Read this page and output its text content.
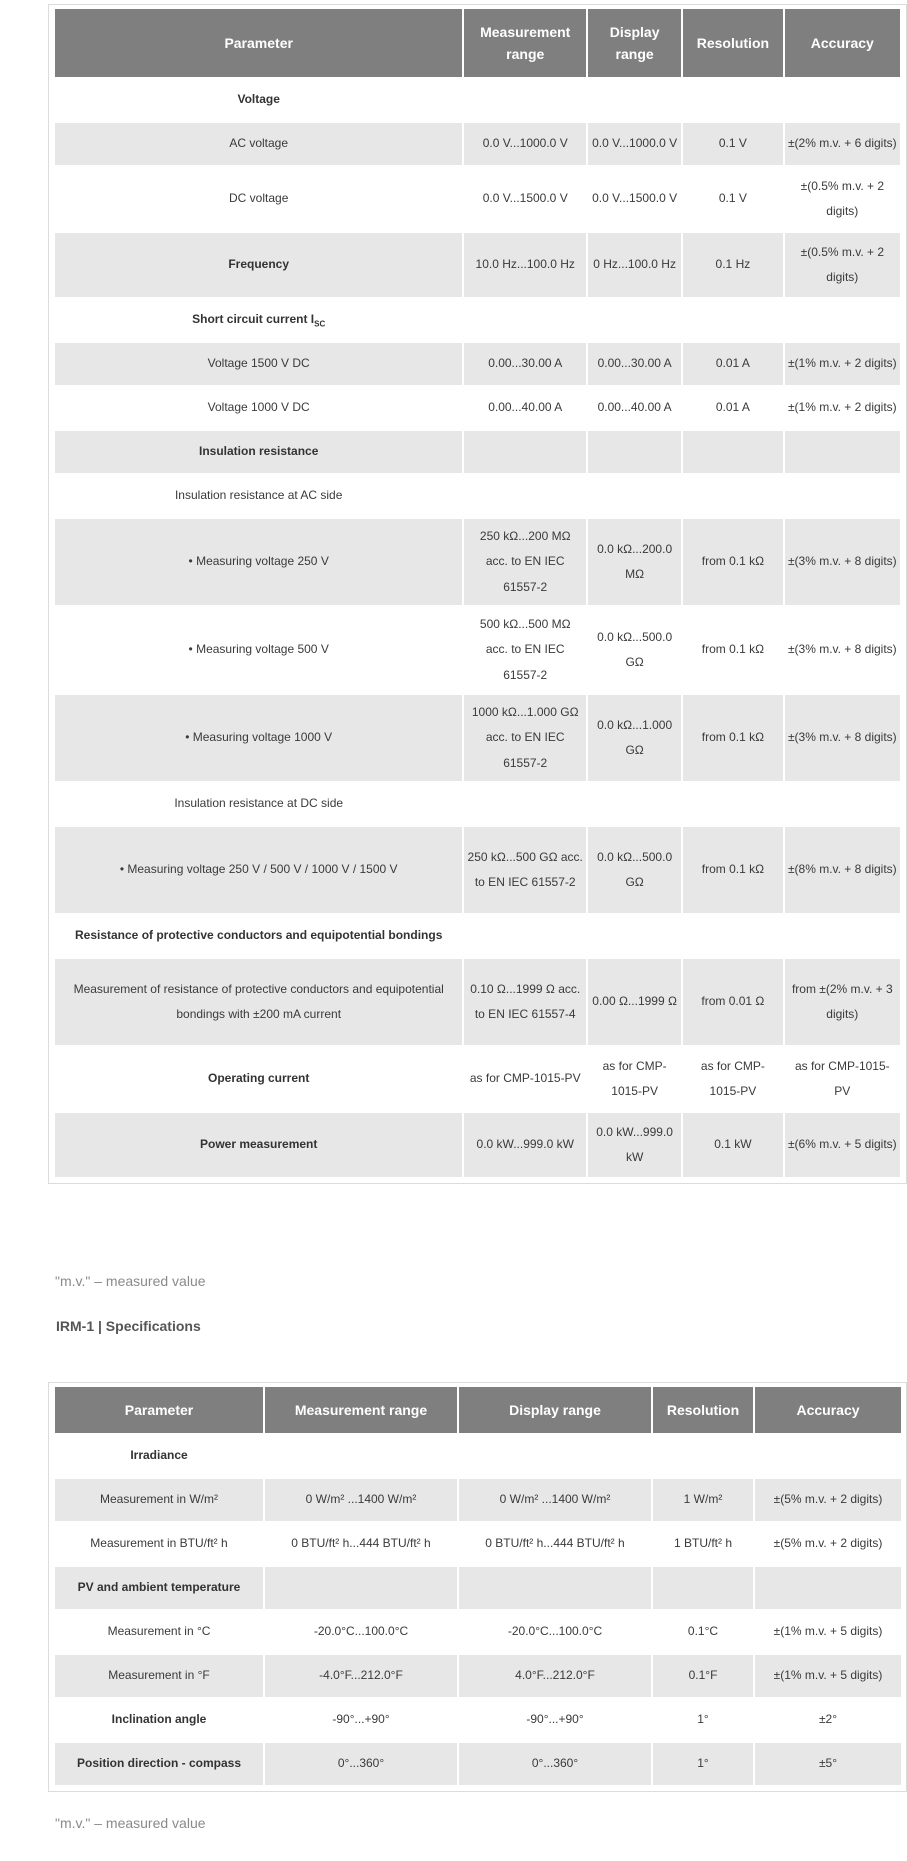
Parameter	Measurement range	Display range	Resolution	Accuracy
Voltage				
AC voltage	0.0 V...1000.0 V	0.0 V...1000.0 V	0.1 V	±(2% m.v. + 6 digits)
DC voltage	0.0 V...1500.0 V	0.0 V...1500.0 V	0.1 V	±(0.5% m.v. + 2 digits)
Frequency	10.0 Hz...100.0 Hz	0 Hz...100.0 Hz	0.1 Hz	±(0.5% m.v. + 2 digits)
Short circuit current $I_{SC}$				
Voltage 1500 V DC	0.00...30.00 A	0.00...30.00 A	0.01 A	±(1% m.v. + 2 digits)
Voltage 1000 V DC	0.00...40.00 A	0.00...40.00 A	0.01 A	±(1% m.v. + 2 digits)
Insulation resistance				
Insulation resistance at AC side				
• Measuring voltage 250 V	250 kΩ...200 MΩ acc. to EN IEC 61557-2	0.0 kΩ...200.0 MΩ	from 0.1 kΩ	±(3% m.v. + 8 digits)
• Measuring voltage 500 V	500 kΩ...500 MΩ acc. to EN IEC 61557-2	0.0 kΩ...500.0 GΩ	from 0.1 kΩ	±(3% m.v. + 8 digits)
• Measuring voltage 1000 V	1000 kΩ...1.000 GΩ acc. to EN IEC 61557-2	0.0 kΩ...1.000 GΩ	from 0.1 kΩ	±(3% m.v. + 8 digits)
Insulation resistance at DC side				
• Measuring voltage 250 V / 500 V / 1000 V / 1500 V	250 kΩ...500 GΩ acc. to EN IEC 61557-2	0.0 kΩ...500.0 GΩ	from 0.1 kΩ	±(8% m.v. + 8 digits)
Resistance of protective conductors and equipotential bondings				
Measurement of resistance of protective conductors and equipotential bondings with ±200 mA current	0.10 Ω...1999 Ω acc. to EN IEC 61557-4	0.00 Ω...1999 Ω	from 0.01 Ω	from ±(2% m.v. + 3 digits)
Operating current	as for CMP-1015-PV	as for CMP-1015-PV	as for CMP-1015-PV	as for CMP-1015-PV
Power measurement	0.0 kW...999.0 kW	0.0 kW...999.0 kW	0.1 kW	±(6% m.v. + 5 digits)

"m.v." – measured value

IRM-1 | Specifications

Parameter	Measurement range	Display range	Resolution	Accuracy
Irradiance				
Measurement in W/m²	0 W/m² ...1400 W/m²	0 W/m² ...1400 W/m²	1 W/m²	±(5% m.v. + 2 digits)
Measurement in BTU/ft² h	0 BTU/ft² h...444 BTU/ft² h	0 BTU/ft² h...444 BTU/ft² h	1 BTU/ft² h	±(5% m.v. + 2 digits)
PV and ambient temperature				
Measurement in °C	-20.0°C...100.0°C	-20.0°C...100.0°C	0.1°C	±(1% m.v. + 5 digits)
Measurement in °F	-4.0°F...212.0°F	4.0°F...212.0°F	0.1°F	±(1% m.v. + 5 digits)
Inclination angle	-90°...+90°	-90°...+90°	1°	±2°
Position direction - compass	0°...360°	0°...360°	1°	±5°

"m.v." – measured value
